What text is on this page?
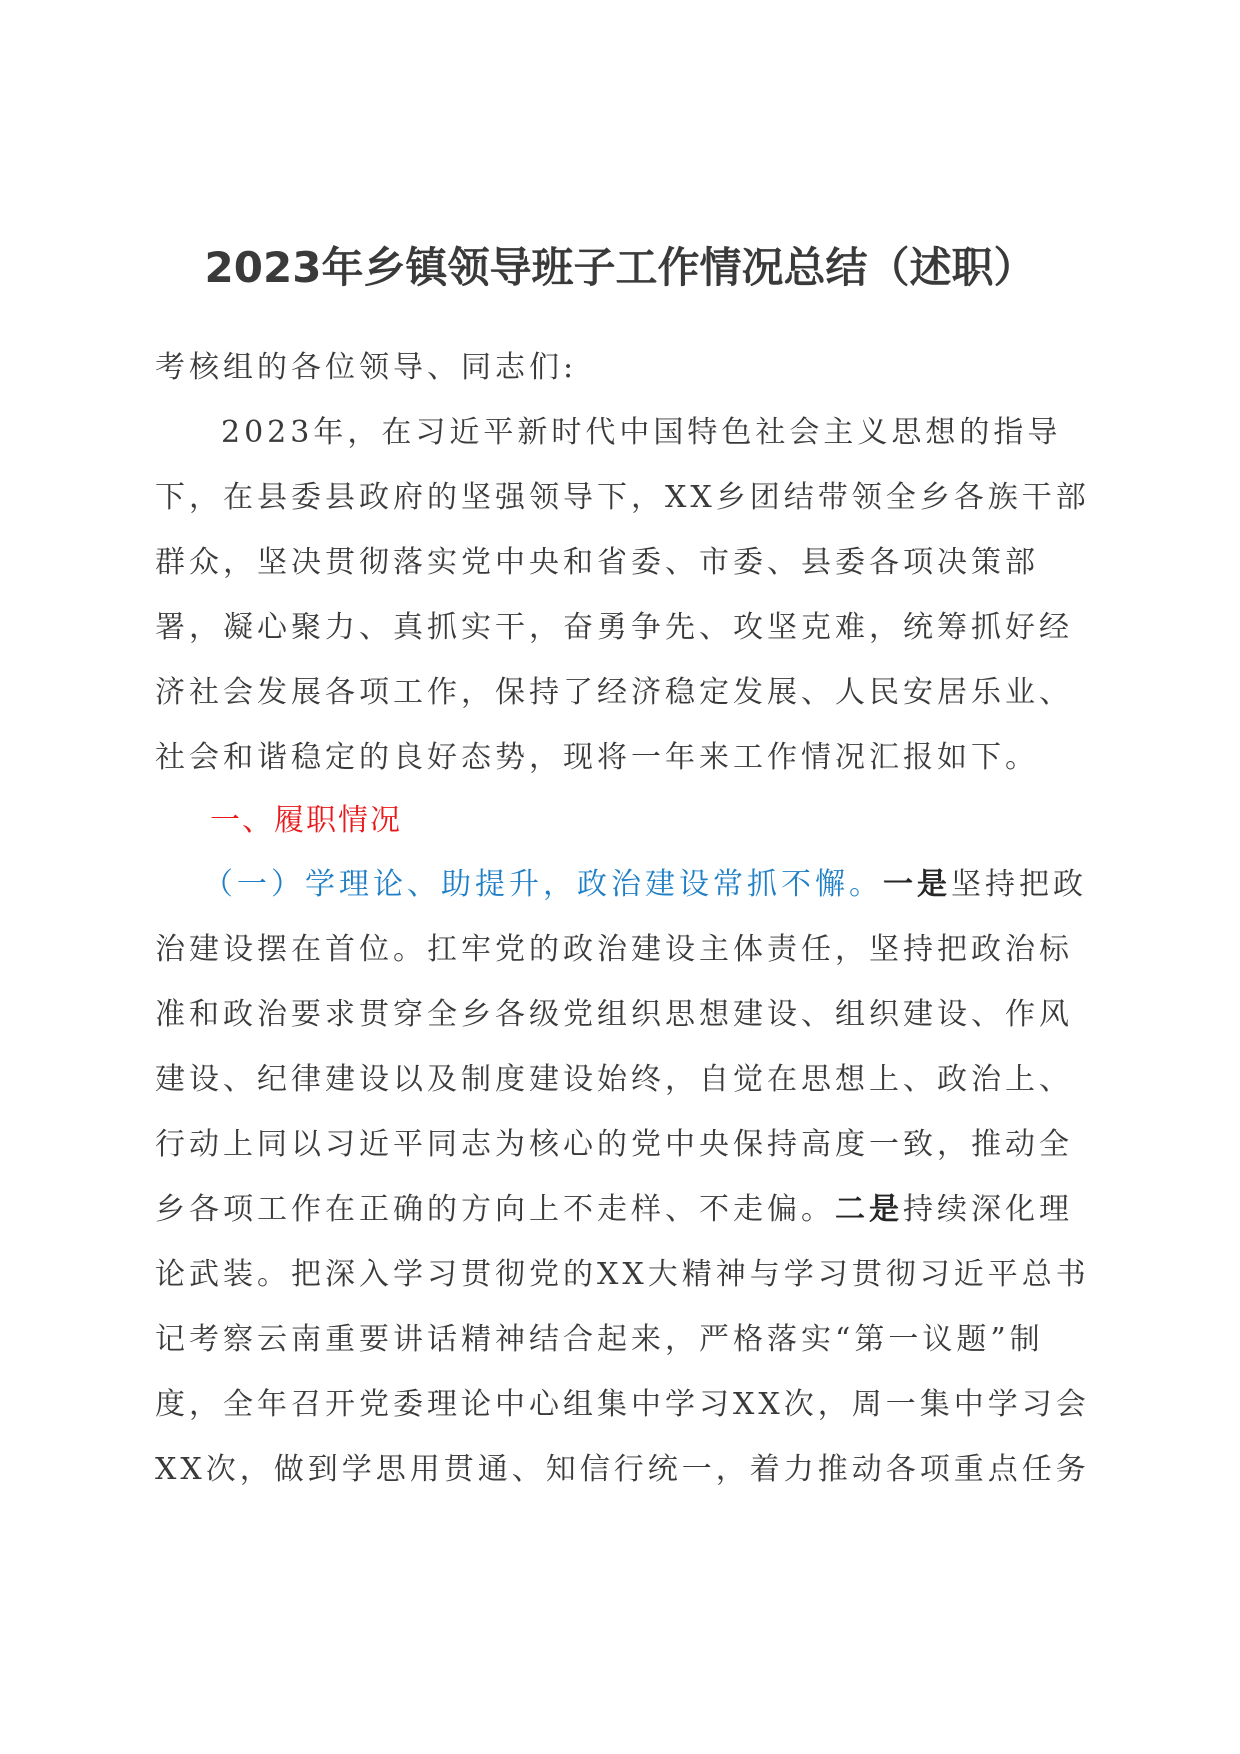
2023年乡镇领导班子工作情况总结（述职）
考核组的各位领导、同志们:
2023年，在习近平新时代中国特色社会主义思想的指导下，在县委县政府的坚强领导下，XX乡团结带领全乡各族干部群众，坚决贯彻落实党中央和省委、市委、县委各项决策部署，凝心聚力、真抓实干，奋勇争先、攻坚克难，统筹抓好经济社会发展各项工作，保持了经济稳定发展、人民安居乐业、社会和谐稳定的良好态势，现将一年来工作情况汇报如下。
一、履职情况
（一）学理论、助提升，政治建设常抓不懈。一是坚持把政治建设摆在首位。扛牢党的政治建设主体责任，坚持把政治标准和政治要求贯穿全乡各级党组织思想建设、组织建设、作风建设、纪律建设以及制度建设始终，自觉在思想上、政治上、行动上同以习近平同志为核心的党中央保持高度一致，推动全乡各项工作在正确的方向上不走样、不走偏。二是持续深化理论武装。把深入学习贯彻党的XX大精神与学习贯彻习近平总书记考察云南重要讲话精神结合起来，严格落实“第一议题”制度，全年召开党委理论中心组集中学习XX次，周一集中学习会XX次，做到学思用贯通、知信行统一，着力推动各项重点任务
